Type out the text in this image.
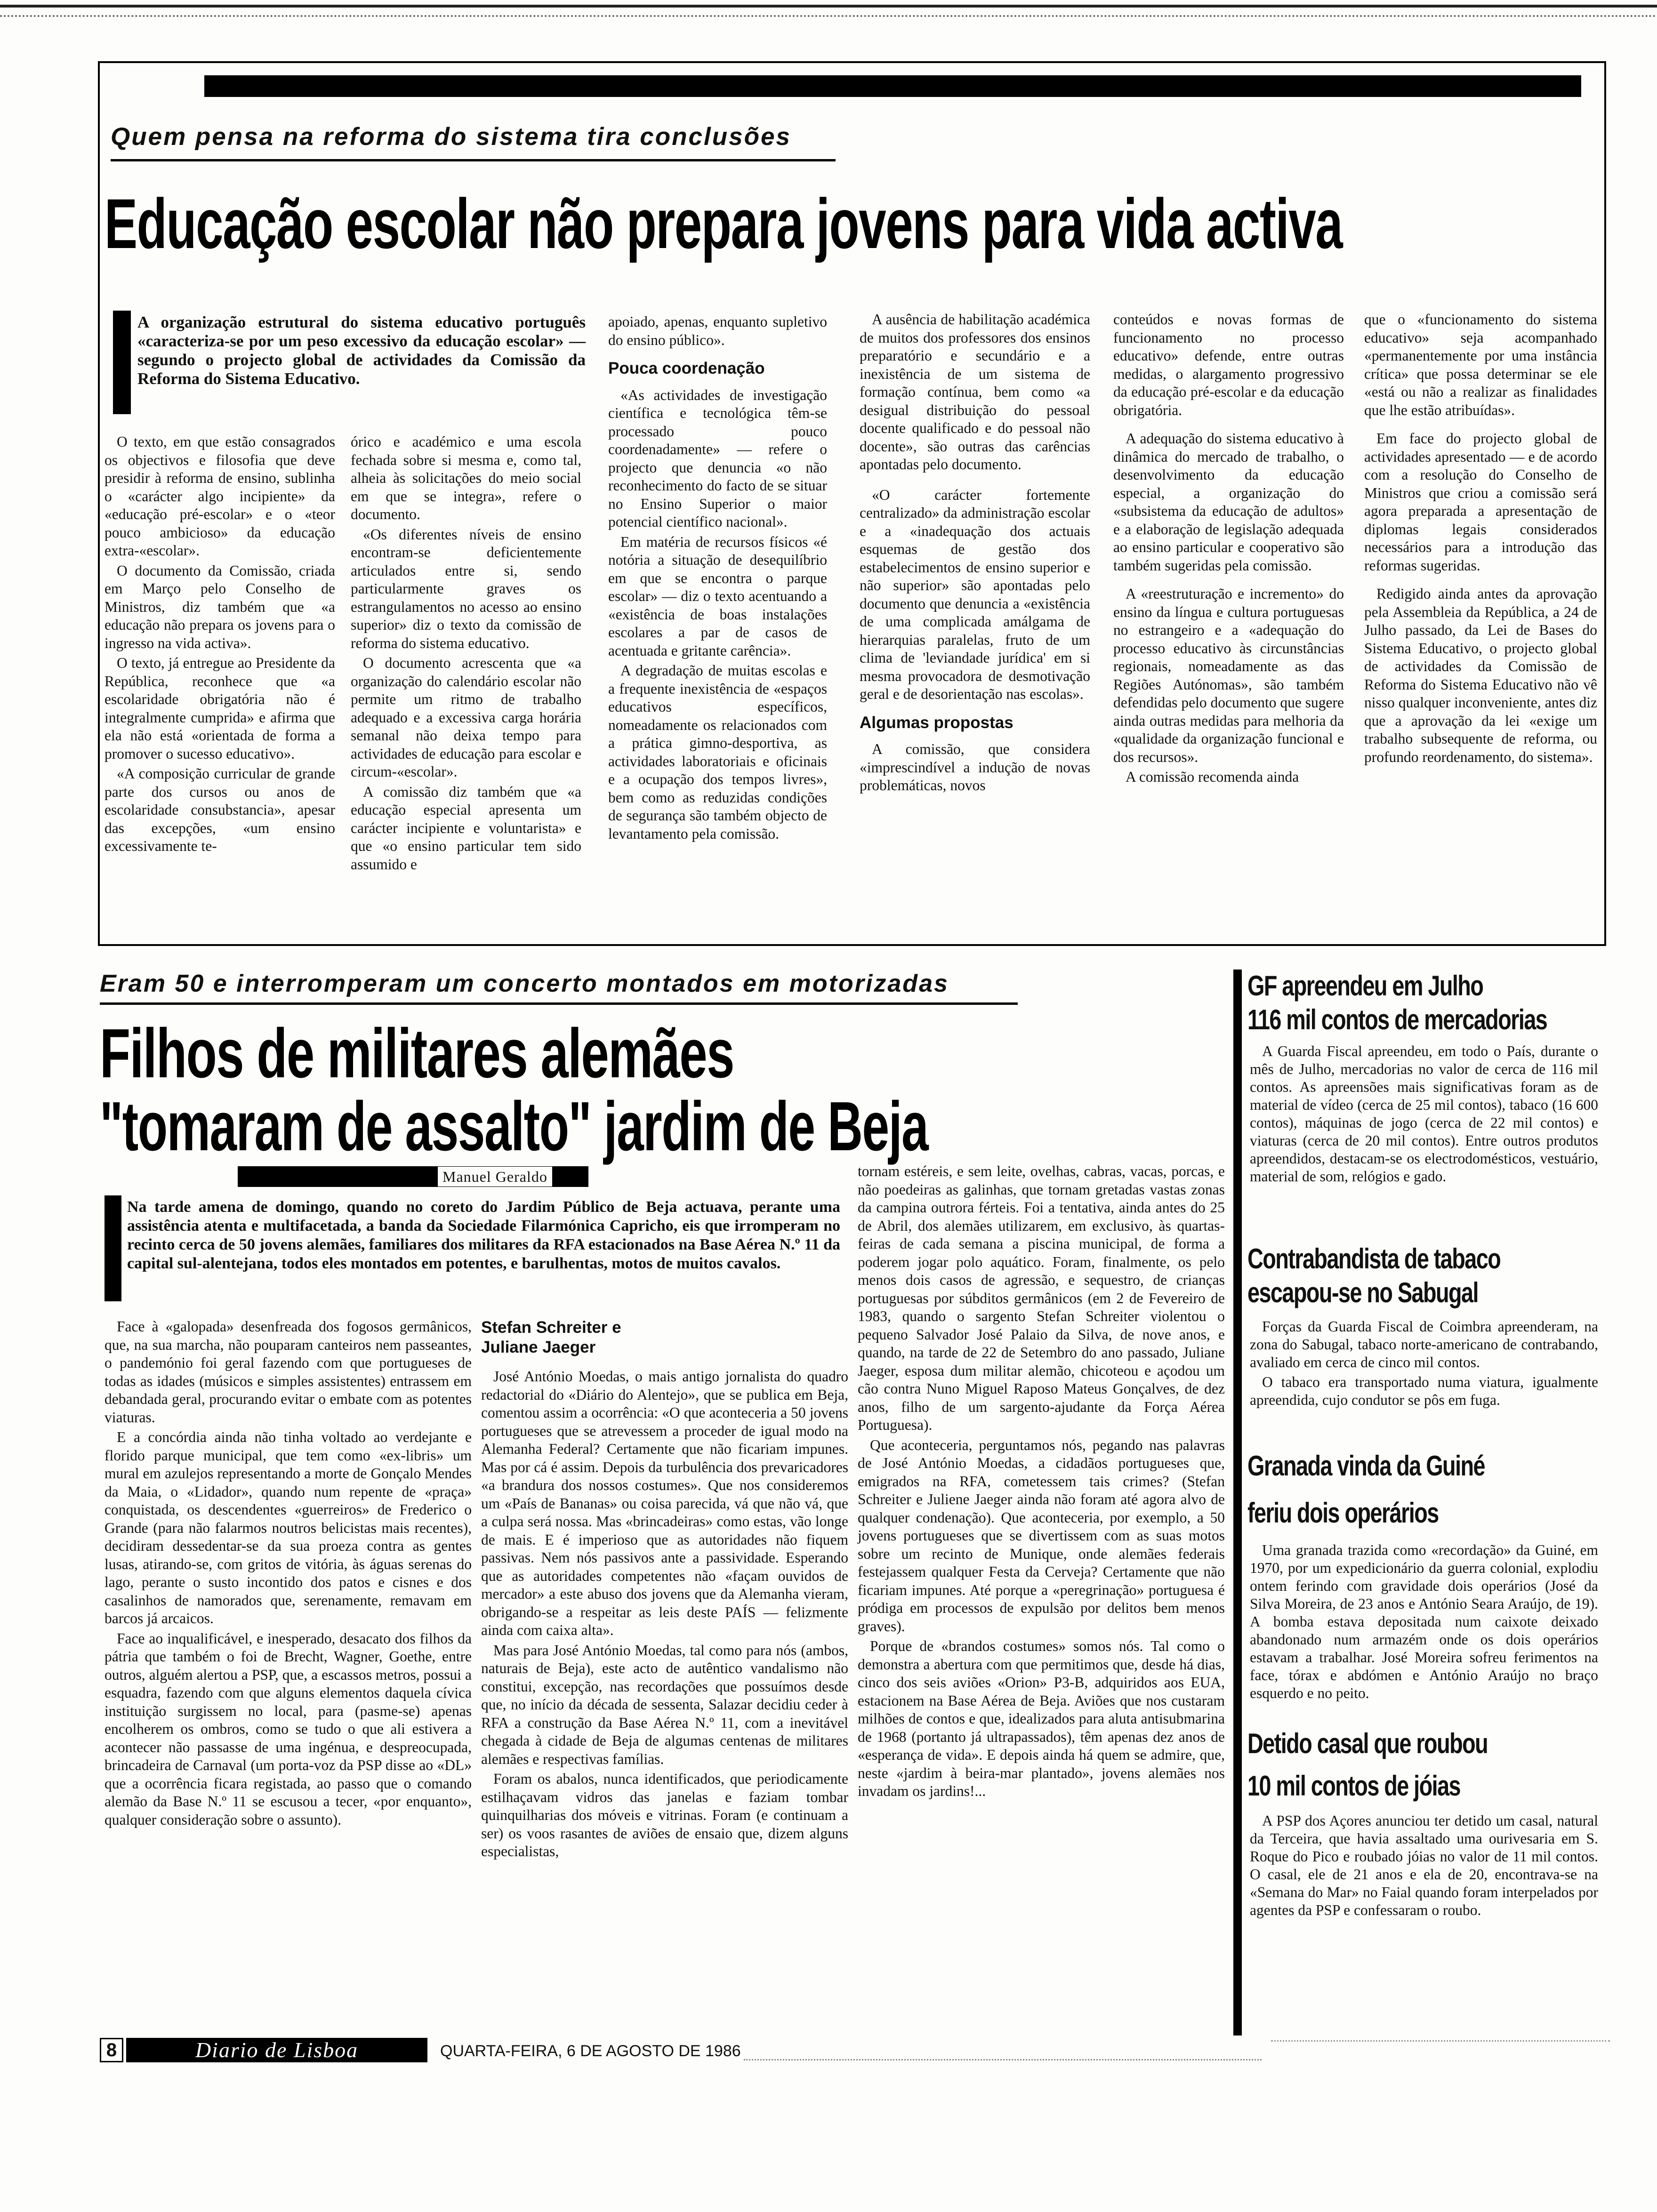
Quem pensa na reforma do sistema tira conclusões
Educação escolar não prepara jovens para vida activa
A organização estrutural do sistema educativo português «caracteriza-se por um peso excessivo da educação escolar» — segundo o projecto global de actividades da Comissão da Reforma do Sistema Educativo.

O texto, em que estão consagrados os objectivos e filosofia que deve presidir à reforma de ensino, sublinha o «carácter algo incipiente» da «educação pré-escolar» e o «teor pouco ambicioso» da educação extra-«escolar».

O documento da Comissão, criada em Março pelo Conselho de Ministros, diz também que «a educação não prepara os jovens para o ingresso na vida activa».

O texto, já entregue ao Presidente da República, reconhece que «a escolaridade obrigatória não é integralmente cumprida» e afirma que ela não está «orientada de forma a promover o sucesso educativo».

«A composição curricular de grande parte dos cursos ou anos de escolaridade consubstancia», apesar das excepções, «um ensino excessivamente te-

órico e académico e uma escola fechada sobre si mesma e, como tal, alheia às solicitações do meio social em que se integra», refere o documento.

«Os diferentes níveis de ensino encontram-se deficientemente articulados entre si, sendo particularmente graves os estrangulamentos no acesso ao ensino superior» diz o texto da comissão de reforma do sistema educativo.

O documento acrescenta que «a organização do calendário escolar não permite um ritmo de trabalho adequado e a excessiva carga horária semanal não deixa tempo para actividades de educação para escolar e circum-«escolar».

A comissão diz também que «a educação especial apresenta um carácter incipiente e voluntarista» e que «o ensino particular tem sido assumido e

apoiado, apenas, enquanto supletivo do ensino público».

Pouca coordenação

«As actividades de investigação científica e tecnológica têm-se processado pouco coordenadamente» — refere o projecto que denuncia «o não reconhecimento do facto de se situar no Ensino Superior o maior potencial científico nacional».

Em matéria de recursos físicos «é notória a situação de desequilíbrio em que se encontra o parque escolar» — diz o texto acentuando a «existência de boas instalações escolares a par de casos de acentuada e gritante carência».

A degradação de muitas escolas e a frequente inexistência de «espaços educativos específicos, nomeadamente os relacionados com a prática gimno-desportiva, as actividades laboratoriais e oficinais e a ocupação dos tempos livres», bem como as reduzidas condições de segurança são também objecto de levantamento pela comissão.

A ausência de habilitação académica de muitos dos professores dos ensinos preparatório e secundário e a inexistência de um sistema de formação contínua, bem como «a desigual distribuição do pessoal docente qualificado e do pessoal não docente», são outras das carências apontadas pelo documento.

«O carácter fortemente centralizado» da administração escolar e a «inadequação dos actuais esquemas de gestão dos estabelecimentos de ensino superior e não superior» são apontadas pelo documento que denuncia a «existência de uma complicada amálgama de hierarquias paralelas, fruto de um clima de 'leviandade jurídica' em si mesma provocadora de desmotivação geral e de desorientação nas escolas».

Algumas propostas

A comissão, que considera «imprescindível a indução de novas problemáticas, novos

conteúdos e novas formas de funcionamento no processo educativo» defende, entre outras medidas, o alargamento progressivo da educação pré-escolar e da educação obrigatória.

A adequação do sistema educativo à dinâmica do mercado de trabalho, o desenvolvimento da educação especial, a organização do «subsistema da educação de adultos» e a elaboração de legislação adequada ao ensino particular e cooperativo são também sugeridas pela comissão.

A «reestruturação e incremento» do ensino da língua e cultura portuguesas no estrangeiro e a «adequação do processo educativo às circunstâncias regionais, nomeadamente as das Regiões Autónomas», são também defendidas pelo documento que sugere ainda outras medidas para melhoria da «qualidade da organização funcional e dos recursos».

A comissão recomenda ainda

que o «funcionamento do sistema educativo» seja acompanhado «permanentemente por uma instância crítica» que possa determinar se ele «está ou não a realizar as finalidades que lhe estão atribuídas».

Em face do projecto global de actividades apresentado — e de acordo com a resolução do Conselho de Ministros que criou a comissão será agora preparada a apresentação de diplomas legais considerados necessários para a introdução das reformas sugeridas.

Redigido ainda antes da aprovação pela Assembleia da República, a 24 de Julho passado, da Lei de Bases do Sistema Educativo, o projecto global de actividades da Comissão de Reforma do Sistema Educativo não vê nisso qualquer inconveniente, antes diz que a aprovação da lei «exige um trabalho subsequente de reforma, ou profundo reordenamento, do sistema».

Eram 50 e interromperam um concerto montados em motorizadas
Filhos de militares alemães
"tomaram de assalto" jardim de Beja
Manuel Geraldo
Na tarde amena de domingo, quando no coreto do Jardim Público de Beja actuava, perante uma assistência atenta e multifacetada, a banda da Sociedade Filarmónica Capricho, eis que irromperam no recinto cerca de 50 jovens alemães, familiares dos militares da RFA estacionados na Base Aérea N.º 11 da capital sul-alentejana, todos eles montados em potentes, e barulhentas, motos de muitos cavalos.

Face à «galopada» desenfreada dos fogosos germânicos, que, na sua marcha, não pouparam canteiros nem passeantes, o pandemónio foi geral fazendo com que portugueses de todas as idades (músicos e simples assistentes) entrassem em debandada geral, procurando evitar o embate com as potentes viaturas.

E a concórdia ainda não tinha voltado ao verdejante e florido parque municipal, que tem como «ex-libris» um mural em azulejos representando a morte de Gonçalo Mendes da Maia, o «Lidador», quando num repente de «praça» conquistada, os descendentes «guerreiros» de Frederico o Grande (para não falarmos noutros belicistas mais recentes), decidiram dessedentar-se da sua proeza contra as gentes lusas, atirando-se, com gritos de vitória, às águas serenas do lago, perante o susto incontido dos patos e cisnes e dos casalinhos de namorados que, serenamente, remavam em barcos já arcaicos.

Face ao inqualificável, e inesperado, desacato dos filhos da pátria que também o foi de Brecht, Wagner, Goethe, entre outros, alguém alertou a PSP, que, a escassos metros, possui a esquadra, fazendo com que alguns elementos daquela cívica instituição surgissem no local, para (pasme-se) apenas encolherem os ombros, como se tudo o que ali estivera a acontecer não passasse de uma ingénua, e despreocupada, brincadeira de Carnaval (um porta-voz da PSP disse ao «DL» que a ocorrência ficara registada, ao passo que o comando alemão da Base N.º 11 se escusou a tecer, «por enquanto», qualquer consideração sobre o assunto).

Stefan Schreiter e Juliane Jaeger

José António Moedas, o mais antigo jornalista do quadro redactorial do «Diário do Alentejo», que se publica em Beja, comentou assim a ocorrência: «O que aconteceria a 50 jovens portugueses que se atrevessem a proceder de igual modo na Alemanha Federal? Certamente que não ficariam impunes. Mas por cá é assim. Depois da turbulência dos prevaricadores «a brandura dos nossos costumes». Que nos consideremos um «País de Bananas» ou coisa parecida, vá que não vá, que a culpa será nossa. Mas «brincadeiras» como estas, vão longe de mais. E é imperioso que as autoridades não fiquem passivas. Nem nós passivos ante a passividade. Esperando que as autoridades competentes não «façam ouvidos de mercador» a este abuso dos jovens que da Alemanha vieram, obrigando-se a respeitar as leis deste PAÍS — felizmente ainda com caixa alta».

Mas para José António Moedas, tal como para nós (ambos, naturais de Beja), este acto de autêntico vandalismo não constitui, excepção, nas recordações que possuímos desde que, no início da década de sessenta, Salazar decidiu ceder à RFA a construção da Base Aérea N.º 11, com a inevitável chegada à cidade de Beja de algumas centenas de militares alemães e respectivas famílias.

Foram os abalos, nunca identificados, que periodicamente estilhaçavam vidros das janelas e faziam tombar quinquilharias dos móveis e vitrinas. Foram (e continuam a ser) os voos rasantes de aviões de ensaio que, dizem alguns especialistas,

tornam estéreis, e sem leite, ovelhas, cabras, vacas, porcas, e não poedeiras as galinhas, que tornam gretadas vastas zonas da campina outrora férteis. Foi a tentativa, ainda antes do 25 de Abril, dos alemães utilizarem, em exclusivo, às quartas-feiras de cada semana a piscina municipal, de forma a poderem jogar polo aquático. Foram, finalmente, os pelo menos dois casos de agressão, e sequestro, de crianças portuguesas por súbditos germânicos (em 2 de Fevereiro de 1983, quando o sargento Stefan Schreiter violentou o pequeno Salvador José Palaio da Silva, de nove anos, e quando, na tarde de 22 de Setembro do ano passado, Juliane Jaeger, esposa dum militar alemão, chicoteou e açodou um cão contra Nuno Miguel Raposo Mateus Gonçalves, de dez anos, filho de um sargento-ajudante da Força Aérea Portuguesa).

Que aconteceria, perguntamos nós, pegando nas palavras de José António Moedas, a cidadãos portugueses que, emigrados na RFA, cometessem tais crimes? (Stefan Schreiter e Juliene Jaeger ainda não foram até agora alvo de qualquer condenação). Que aconteceria, por exemplo, a 50 jovens portugueses que se divertissem com as suas motos sobre um recinto de Munique, onde alemães federais festejassem qualquer Festa da Cerveja? Certamente que não ficariam impunes. Até porque a «peregrinação» portuguesa é pródiga em processos de expulsão por delitos bem menos graves).

Porque de «brandos costumes» somos nós. Tal como o demonstra a abertura com que permitimos que, desde há dias, cinco dos seis aviões «Orion» P3-B, adquiridos aos EUA, estacionem na Base Aérea de Beja. Aviões que nos custaram milhões de contos e que, idealizados para aluta antisubmarina de 1968 (portanto já ultrapassados), têm apenas dez anos de «esperança de vida». E depois ainda há quem se admire, que, neste «jardim à beira-mar plantado», jovens alemães nos invadam os jardins!...

GF apreendeu em Julho
116 mil contos de mercadorias

A Guarda Fiscal apreendeu, em todo o País, durante o mês de Julho, mercadorias no valor de cerca de 116 mil contos. As apreensões mais significativas foram as de material de vídeo (cerca de 25 mil contos), tabaco (16 600 contos), máquinas de jogo (cerca de 22 mil contos) e viaturas (cerca de 20 mil contos). Entre outros produtos apreendidos, destacam-se os electrodomésticos, vestuário, material de som, relógios e gado.

Contrabandista de tabaco
escapou-se no Sabugal

Forças da Guarda Fiscal de Coimbra apreenderam, na zona do Sabugal, tabaco norte-americano de contrabando, avaliado em cerca de cinco mil contos.

O tabaco era transportado numa viatura, igualmente apreendida, cujo condutor se pôs em fuga.

Granada vinda da Guiné
feriu dois operários

Uma granada trazida como «recordação» da Guiné, em 1970, por um expedicionário da guerra colonial, explodiu ontem ferindo com gravidade dois operários (José da Silva Moreira, de 23 anos e António Seara Araújo, de 19). A bomba estava depositada num caixote deixado abandonado num armazém onde os dois operários estavam a trabalhar. José Moreira sofreu ferimentos na face, tórax e abdómen e António Araújo no braço esquerdo e no peito.

Detido casal que roubou
10 mil contos de jóias

A PSP dos Açores anunciou ter detido um casal, natural da Terceira, que havia assaltado uma ourivesaria em S. Roque do Pico e roubado jóias no valor de 11 mil contos. O casal, ele de 21 anos e ela de 20, encontrava-se na «Semana do Mar» no Faial quando foram interpelados por agentes da PSP e confessaram o roubo.

8	Diario de Lisboa	QUARTA-FEIRA, 6 DE AGOSTO DE 1986
